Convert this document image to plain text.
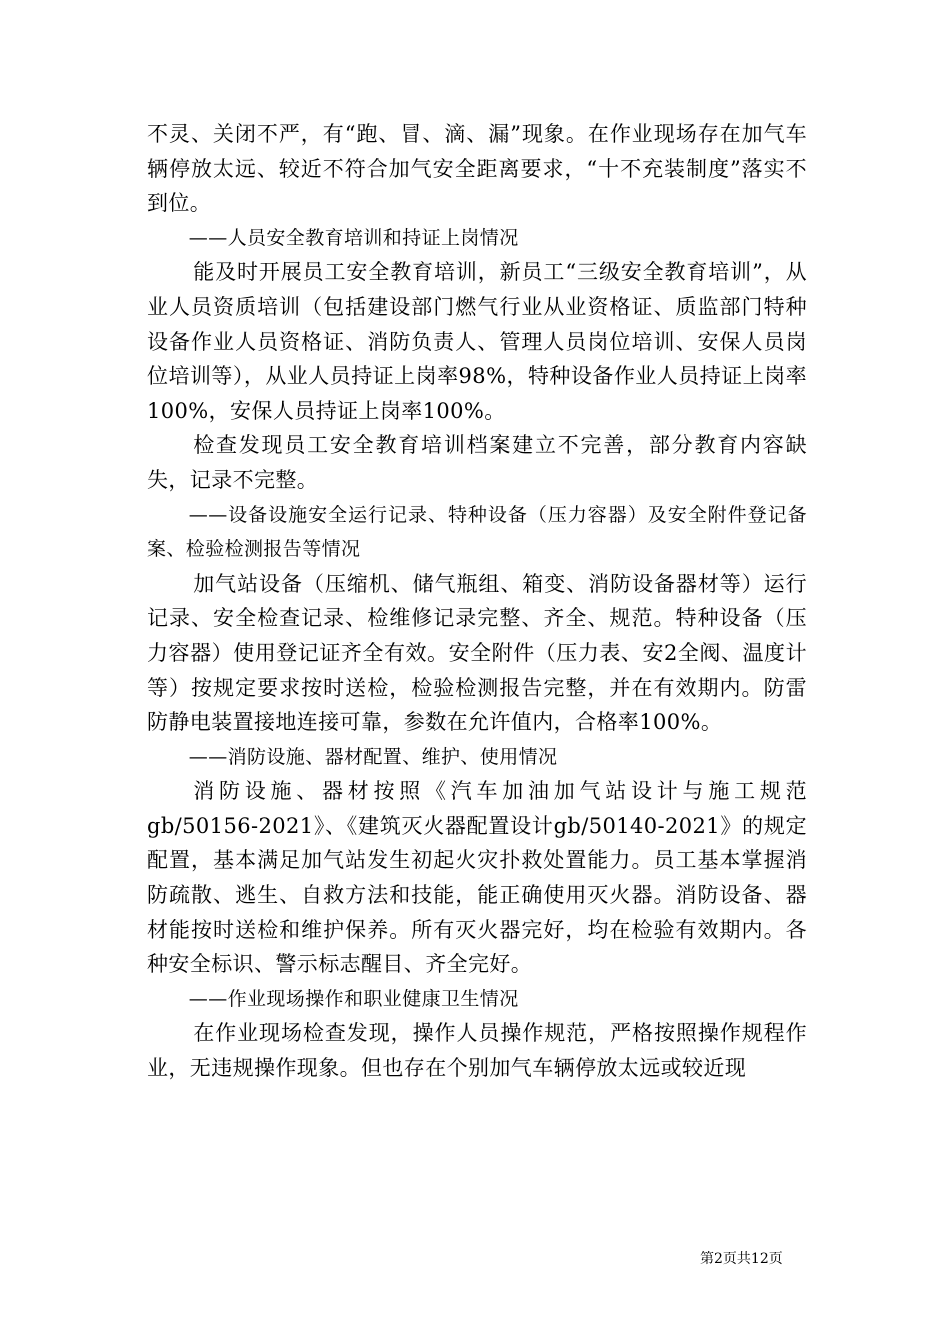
不灵、关闭不严，有“跑、冒、滴、漏”现象。在作业现场存在加气车辆停放太远、较近不符合加气安全距离要求，“十不充装制度”落实不到位。

——人员安全教育培训和持证上岗情况

能及时开展员工安全教育培训，新员工“三级安全教育培训”，从业人员资质培训（包括建设部门燃气行业从业资格证、质监部门特种设备作业人员资格证、消防负责人、管理人员岗位培训、安保人员岗位培训等），从业人员持证上岗率98%，特种设备作业人员持证上岗率100%，安保人员持证上岗率100%。

检查发现员工安全教育培训档案建立不完善，部分教育内容缺失，记录不完整。

——设备设施安全运行记录、特种设备（压力容器）及安全附件登记备案、检验检测报告等情况

加气站设备（压缩机、储气瓶组、箱变、消防设备器材等）运行记录、安全检查记录、检维修记录完整、齐全、规范。特种设备（压力容器）使用登记证齐全有效。安全附件（压力表、安2全阀、温度计等）按规定要求按时送检，检验检测报告完整，并在有效期内。防雷防静电装置接地连接可靠，参数在允许值内，合格率100%。

——消防设施、器材配置、维护、使用情况

消防设施、器材按照《汽车加油加气站设计与施工规范gb/50156-2021》、《建筑灭火器配置设计gb/50140-2021》的规定配置，基本满足加气站发生初起火灾扑救处置能力。员工基本掌握消防疏散、逃生、自救方法和技能，能正确使用灭火器。消防设备、器材能按时送检和维护保养。所有灭火器完好，均在检验有效期内。各种安全标识、警示标志醒目、齐全完好。

——作业现场操作和职业健康卫生情况

在作业现场检查发现，操作人员操作规范，严格按照操作规程作业，无违规操作现象。但也存在个别加气车辆停放太远或较近现

第2页共12页
